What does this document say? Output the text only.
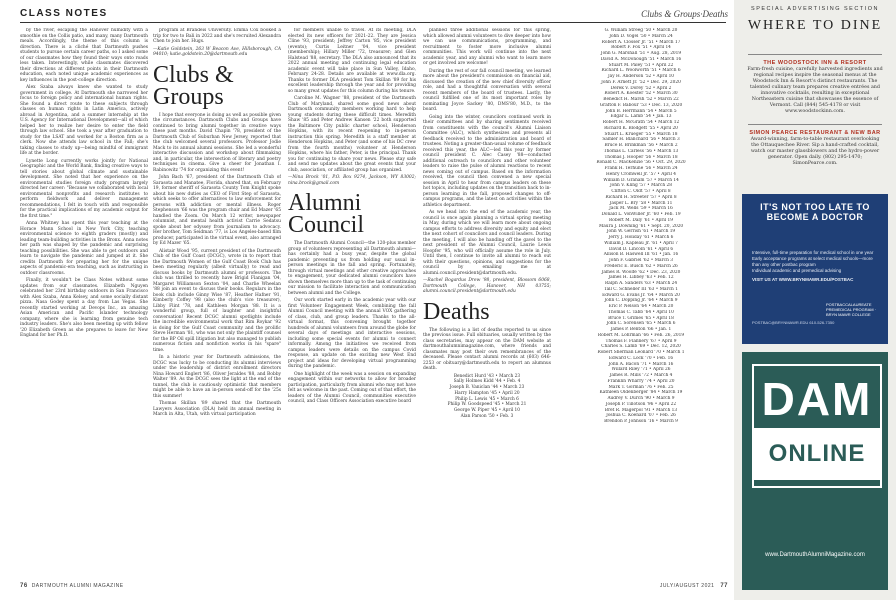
CLASS NOTES	Clubs & Groups·Deaths

by the river, escaping the Hanover humidity with a smoothie on the Collis patio, and many, many Dartmouth meals. Accordingly, the theme of this column is direction. There is a cliché that Dartmouth pushes students to pursue certain career paths, so I asked some of our classmates how they found their ways onto roads less taken. Interestingly, while classmates discovered their directions at different points in their Dartmouth education, each noted unique academic experiences as key influences in the post-college direction.

Alex Szaba always knew she wanted to study government in college. At Dartmouth she narrowed her focus to foreign policy and international human rights. She found a direct route to these subjects through classes on human rights in Latin America, actively abroad in Argentina, and a summer internship at the U.S. Agency for International Development—all of which helped her to realize her desire to enter the field through law school. She took a year after graduation to study for the LSAT and worked for a Boston firm as a clerk. Now she attends law school in the Fall; she's taking classes to study up—being mindful of immigrant life at the border.

Lynette Long currently works jointly for National Geographic and the World Bank, finding creative ways to tell stories about global climate and sustainable development. She noted that her experience on the environmental studies foreign study program largely directed her career: "Because we collaborated with local environmental nonprofits and research institutes to perform fieldwork and deliver management recommendations, I felt in touch with and responsible for the practical implications of my academic output for the first time."

Anna Whitney has spent this year teaching at the Horace Mann School in New York City, teaching environmental science to eighth graders (mostly) and leading team-building activities in the Bronx. Anna notes her path was shaped by the pandemic and surprising teaching possibilities. She was able to get outdoors and learn to navigate the pandemic and jumped at it. She credits Dartmouth for preparing her for the unique aspects of pandemic-era teaching, such as instructing in outdoor classrooms.

Finally, it wouldn't be Class Notes without some updates from our classmates. Elizabeth Nguyen celebrated her 23rd birthday outdoors in San Francisco with Alex Szaba, Anna Kelsey, and some socially distant pizza. Nasa Godey spent a day from Las Vegas. She recently started working at Devops Inc., an amazing Asian American and Pacific Islander technology company, where she is learning from genuine tech industry leaders. She's also been meeting up with fellow '20 Elizabeth Green as she prepares to leave for New England for her Ph.D.

program at Brandeis University. Emma Cox booked a trip for two to Bali in 2022 and she's recruited Alexandra Chen to join her. Hugs.

—Katie Goldstein, 263 W Beacon Ave, Hillsborough, CA 94010; katie.goldstein.20@dartmouth.edu

Clubs & Groups

I hope that everyone is doing as well as possible given the circumstances. Dartmouth Clubs and Groups have continued to bring alumni together in creative ways these past months. David Chapin '78, president of the Dartmouth Club of Suburban New Jersey, reported that the club welcomed several professors. Professor Jodie Mack to its annual alumni sessions. She led a wonderful interactive discussion and workshop about filmmaking and, in particular, the intersection of literary and poetry techniques in cinema. Give a cheer for Jonathan I. Rabinowitz '74 for organizing this event!

John Bach '67, president of the Dartmouth Club of Sarasota and Manatee, Florida, shared that, on February 19, former sheriff of Sarasota County Tom Knight spoke about his new duties as CEO of First Step of Sarasota, which seeks to offer alternatives to law enforcement for persons with addiction or mental illness. Roger Stephenson '66 was the program chair and Ed Mazer '65 handled the Zoom. On March 12 writer, newspaper columnist, and mental health activist Carrie Sedatsu spoke about her odyssey from journalism to advocacy. Her brother, Tom Seidman '77, is Los Angeles-based film producer, participated in the virtual event, also arranged by Ed Mazer '65.

Alistair Wood '95, current president of the Dartmouth Club of the Gulf Coast (DCGC), wrote in to report that the Dartmouth Women of the Gulf Coast Book Club has been meeting regularly (albeit virtually) to read and discuss books by Dartmouth alumni or professors. The club was thrilled to recently have Brigid Flanigan '04, Margaret Williamson Sexton '04, and Charlie Wheelan '88 join an event to discuss their books. Regulars in the book club include Ginny Wise '87, Heather Hafner '91, Kimberly Coffey '98 (also the club's vice treasurer), Libby Flint '78, and Kathleen Morgan '88. It is a wonderful group, full of laughter and insightful conversation! Recent DCGC alumni spotlights include the incredible environmental work that Rim Roykar '92 is doing for the Gulf Coast community and the prolific Steve Herman '81, who was not only the plaintiff counsel for the BP Oil spill litigation but also managed to publish numerous fiction and nonfiction works in his "spare" time.

In a historic year for Dartmouth admissions, the DCGC was lucky to be conducting its alumni interviews under the leadership of district enrollment directors Nina Howard Englert '86, Oliver Jeraldes '88, and Bobby Walter '89. As the DCGC sees the light at the end of the tunnel, the club is cautiously optimistic that members might be able to have an in-person send-off for the '25s this summer!

Thomas Skillan '89 shared that the Dartmouth Lawyers Association (DLA) held its annual meeting in March in Alta, Utah, with virtual participation

for members unable to travel. At its meeting, DLA elected its new officers for 2021-22. They are Jessica Cline '93, president; Jeffrey Carton '85, vice president (events); Curtis Leitner '04, vice president (membership); Hillary Miller '72, treasurer; and Glen Halstead '88, secretary. The DLA also announced that its 2022 annual meeting and continuing legal education academic event will take place in Sun Valley, Idaho, February 24-28. Details are available at www.dla.org. Thanks to former DLA president Tom Skillan '89 for his excellent leadership through the year and for providing so many great updates for this column during his tenure.

Caroline M. Wagner '88, president of the Dartmouth Club of Maryland, shared some good news about Dartmouth community members working hard to help young students during these difficult times. Meredith Shaw '85 and Peter Andrew Kansen '22 both supported the Baltimore City public charter school, Henderson Hopkins, with its recent reopening to in-person instruction this spring. Meredith is a staff member at Henderson Hopkins, and Peter (and some of his DC crew from the fourth months) volunteer at Henderson Hopkins, where his father, Peter, is the principal. Thank you for continuing to share your news. Please stay safe and send me updates about the great events that your club, association, or affiliated group has organized.

—Nina Brock '01, P.O. Box 9274, Jackson, WY 83002; nina.brock@gmail.com

Alumni Council

The Dartmouth Alumni Council—the 120-plus member group of volunteers representing all Dartmouth alumni—has certainly had a busy year, despite the global pandemic preventing us from holding our usual in-person meetings in the fall and spring. Fortunately, through virtual meetings and other creative approaches to engagement, your dedicated alumni councilors have shown themselves more than up to the task of continuing our mission to facilitate interaction and communication between alumni and the College.

Our work started early in the academic year with our first Volunteer Engagement Week, combining the fall Alumni Council meeting with the annual VOX gathering of class, club, and group leaders. Thanks to the all-virtual format, this convening brought together hundreds of alumni volunteers from around the globe for several days of meetings and interactive sessions, including some special events for alumni to connect informally. Among the initiatives we received from campus leaders were details on the campus Covid response, an update on the exciting new West End project and ideas for developing virtual programming during the pandemic.

One highlight of the week was a session on expanding engagement within our networks to allow for broader participation, particularly from alumni who may not have felt as welcome in the past. Coming out of that effort, the leaders of the Alumni Council, communities executive council, and Class Officers Association executive board

planned three additional sessions for this spring, which allowed alumni volunteers to dive deeper into how we can use communications, programming, and recruitment to foster more inclusive alumni communities. This work will continue into the next academic year, and any alumni who want to learn more or get involved are welcome!

During the rest of our fall council meeting, we learned more about the president's commission on financial aid, discussed the creation of the new chief diversity officer role, and had a thoughtful conversation with several recent members of the board of trustees. Lastly, the council fulfilled one of its most important roles by nominating Joyce Sackey '80, DMS'80, M.D., to the board.

Going into the winter, councilors continued work in their committees and by sharing sentiments received from constituents with the council's Alumni Liaison Committee (ALC), which synthesizes and presents all feedback received to the administration and board of trustees. Noting a greater-than-usual volume of feedback received this year, the ALC—led this year by former council president C. Alec Casey '88—conducted additional outreach to councilors and other volunteer leaders to raise the pulse of alumni reactions to recent news coming out of campus. Based on the information received, the council then convened a new special session in April to hear from campus leaders on these hot topics, including updates on the transition back to in-person learning in the fall, proposed changes to off-campus programs, and the latest on activities within the athletics department.

As we head into the end of the academic year, the council is once again planning a virtual spring meeting in May, during which we will learn more about ongoing campus efforts to address diversity and equity and elect the next cohort of councilors and council leaders. During the meeting, I will also be handing off the gavel to the next president of the Alumni Council, Laurie Lewis Hoopfer '95, who will officially assume the role in July. Until then, I continue to invite all alumni to reach out with their questions, opinions, and suggestions for the council by emailing me at alumni.council.president@dartmouth.edu.

—Rachel Bogardus Drew '98, president, Blossom 6068, Dartmouth College, Hanover, NH 03755; alumni.council.president@dartmouth.edu

Deaths

The following is a list of deaths reported to us since the previous issue. Full obituaries, usually written by the class secretaries, may appear on the DAM website at dartmouthalumnimagazine.com, where friends and classmates may post their own remembrances of the deceased. Please contact alumni records at (603) 646-2253 or obituary@dartmouth.edu to report an alumnus death.

Benedict Hurd '43 • March 23
Sally Holmes Kidd '44 • Feb. 4
Joseph B. Vaniclan '44 • March 23
Harry Hampton '45 • April 20
Philip L. Lewis '45 • March 6
Philip W. Goodspeed '45 • March 21
George W. Piper '45 • April 10
Alan Parson '50 • Feb. 3
G. William Streeg '50 • March 20
John D. Vogel '50 • March 24
Robert A. Closser Jr. '51 • March 17
Robert F. Fox '51 • April 14
John G. Marshall '51 • Aug. 28, 2019
David A. McDonough '51 • March 16
Stuart M. Paley '51 • April 22
Richard L. Woolworth '51 • March 6
Jay H. Anderson '52 • April 10
John F. Arnett Jr. '52 • Dec. 29, 2020
Derek V. Dorey '52 • April 2
Robert A. Koester '52 • March 30
Benedict H. Marsh '52 • March 22
Grafton F. Babour '53 • Dec. 13, 2020
John B. Herrmann '54 • March 5
Edgar L. Lamb '54 • Jan. 13
Robert H. McGrath '54 • March 12
Richard K. Blodgett '55 • April 20
Stuart L. Krueger '55 • March 18
Samler H. Blanchard '56 • March 3
Bruce B. Brinkman '56 • March 2
Thomas L. Carless '56 • March 13
Thomas J. Hooper '56 • March 18
Ronald C. MacKenzie '56 • Oct. 29, 2020
Frank H. Terhune '56 • March 24
Henry Cromwell Jr. '57 • April 4
William D. Graham '57 • March 14
John V. Kling '57 • March 28
Clifton C. Oldt '57 • April 8
Richard H. Streeter '57 • April 8
Jasper L. Bry '58 • March 11
Jack M. Wells '59 • March 16
Donald L. VonWiller Jr. '60 • Feb. 19
Robert M. Daly '61 • April 19
Maura J. Downing '61 • Sept. 20, 2020
John W. Gerrish '61 • March 19
Jerry J. Holiday '61 • March 6
William J. Kapleau Jr. '61 • April 7
David D. Lincoln '61 • April 6
Allison B. Haswell III '61 • Jan. 16
John F. Gabriel '62 • March 3
Frederic E. Busch '62 • March 26
James R. Woolfe '62 • Dec. 23, 2020
James H. Libbey '63 • Feb. 12
Ralph A. Sanders '63 • March 24
Tall C. Schneller III '63 • March 1
Edward G. Evans Jr. '64 • March 20
John C. Dopping Jr. '64 • March 9
Eric P. Nelson '64 • March 20
Thomas C. Tabb '64 • April 10
Bruce T. Grimes '65 • April 18
John C. Sorensen '65 • March 6
James P. Benton '66 • Jan. 1
Robert M. Lohrman '66 • Feb. 26, 2019
Thomas F. Flannery '67 • April 9
Charles S. Lamb '69 • Dec. 12, 2020
Robert Sherman Leonard '70 • March 1
Edward C. Lock '70 • Feb. 16
John A. Bacon '71 • March 16
Willard Riley '71 • April 26
James R. Mills '72 • March 4
Franklin Wharry '74 • April 20
Mark T. Gorman '76 • Feb. 25
Kathleen Oldenberger '84 • March 19
Audrey V. Durch '90 • March 9
Joseph P. Tillotson '96 • April 22
Bret R. Magerpol '91 • March 13
Joshua C. Koenard '07 • Feb. 26
Brendon P. Johnson '16 • March 9
76 DARTMOUTH ALUMNI MAGAZINE	JULY/AUGUST 2021 77
SPECIAL ADVERTISING SECTION
WHERE TO DINE
THE WOODSTOCK INN & RESORT
Farm-fresh cuisine, carefully harvested ingredients and regional recipes inspire the seasonal menus at the Woodstock Inn & Resort's distinct restaurants. The talented culinary team prepares creative entrées and innovative cocktails, resulting in exceptional Northeastern cuisine that showcases the essence of Vermont. Call (844) 545-4178 or visit www.woodstockinn.com.
SIMON PEARCE RESTAURANT & NEW BAR
Award-winning, farm-to-table restaurant overlooking the Ottauquechee River. Sip a hand-crafted cocktail, watch our master glassblowers and the hydro-power generator. Open daily. (802) 295-1470; SimonPearce.com.
IT'S NOT TOO LATE TO BECOME A DOCTOR
Intensive, full-time preparation for medical school in one year
Early acceptance programs at select medical schools—more than any other postbac program
Individual academic and premedical advising
VISIT US AT WWW.BRYNMAWR.EDU/POSTBAC
POSTBACCALAUREATE PREMEDICAL PROGRAM · BRYN MAWR COLLEGE
POSTBAC@BRYNMAWR.EDU 610-526-7350
DAM
ONLINE
www.DartmouthAlumniMagazine.com
